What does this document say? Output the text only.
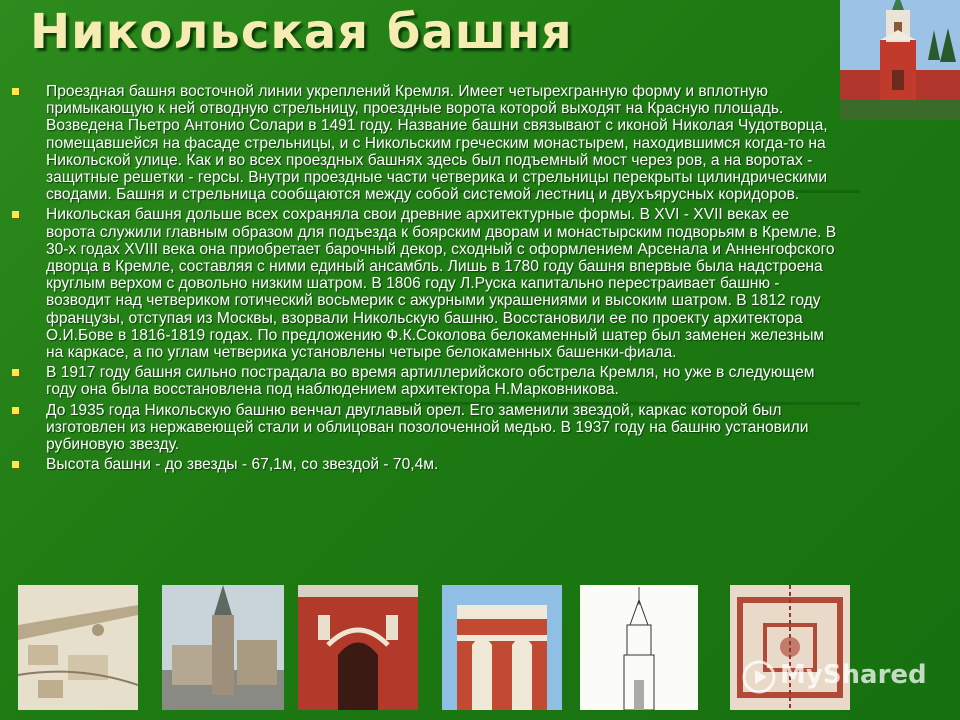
Никольская башня
Проездная башня восточной линии укреплений Кремля. Имеет четырехгранную форму и вплотную примыкающую к ней отводную стрельницу, проездные ворота которой выходят на Красную площадь. Возведена Пьетро Антонио Солари в 1491 году. Название башни связывают с иконой Николая Чудотворца, помещавшейся на фасаде стрельницы, и с Никольским греческим монастырем, находившимся когда-то на Никольской улице. Как и во всех проездных башнях здесь был подъемный мост через ров, а на воротах - защитные решетки - герсы. Внутри проездные части четверика и стрельницы перекрыты цилиндрическими сводами. Башня и стрельница сообщаются между собой системой лестниц и двухъярусных коридоров.
Никольская башня дольше всех сохраняла свои древние архитектурные формы. В XVI - XVII веках ее ворота служили главным образом для подъезда к боярским дворам и монастырским подворьям в Кремле. В 30-х годах XVIII века она приобретает барочный декор, сходный с оформлением Арсенала и Анненгофского дворца в Кремле, составляя с ними единый ансамбль. Лишь в 1780 году башня впервые была надстроена круглым верхом с довольно низким шатром. В 1806 году Л.Руска капитально перестраивает башню - возводит над четвериком готический восьмерик с ажурными украшениями и высоким шатром. В 1812 году французы, отступая из Москвы, взорвали Никольскую башню. Восстановили ее по проекту архитектора О.И.Бове в 1816-1819 годах. По предложению Ф.К.Соколова белокаменный шатер был заменен железным на каркасе, а по углам четверика установлены четыре белокаменных башенки-фиала.
В 1917 году башня сильно пострадала во время артиллерийского обстрела Кремля, но уже в следующем году она была восстановлена под наблюдением архитектора Н.Марковникова.
До 1935 года Никольскую башню венчал двуглавый орел. Его заменили звездой, каркас которой был изготовлен из нержавеющей стали и облицован позолоченной медью. В 1937 году на башню установили рубиновую звезду.
Высота башни - до звезды - 67,1м, со звездой - 70,4м.
MyShared
